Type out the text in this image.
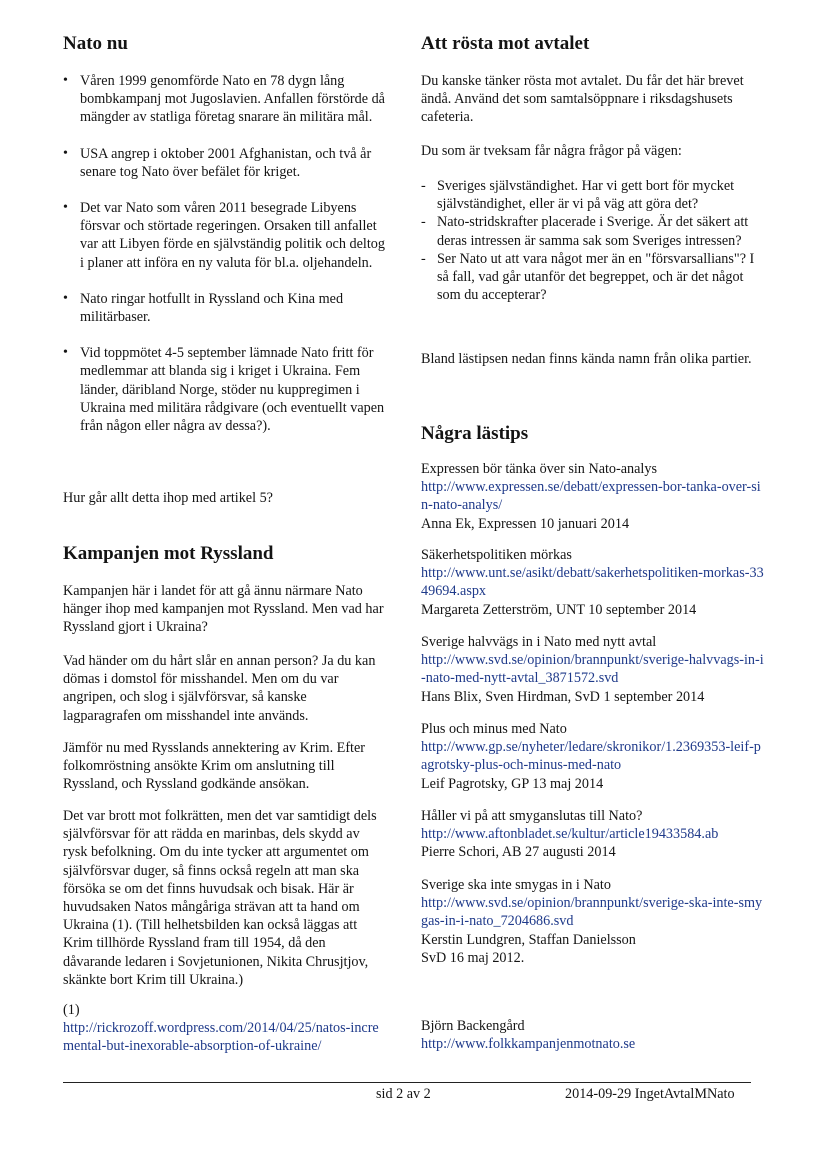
Nato nu
• Våren 1999 genomförde Nato en 78 dygn lång bombkampanj mot Jugoslavien. Anfallen förstörde då mängder av statliga företag snarare än militära mål.
• USA angrep i oktober 2001 Afghanistan, och två år senare tog Nato över befälet för kriget.
• Det var Nato som våren 2011 besegrade Libyens försvar och störtade regeringen. Orsaken till anfallet var att Libyen förde en självständig politik och deltog i planer att införa en ny valuta för bl.a. oljehandeln.
• Nato ringar hotfullt in Ryssland och Kina med militärbaser.
• Vid toppmötet 4-5 september lämnade Nato fritt för medlemmar att blanda sig i kriget i Ukraina. Fem länder, däribland Norge, stöder nu kuppregimen i Ukraina med militära rådgivare (och eventuellt vapen från någon eller några av dessa?).

Hur går allt detta ihop med artikel 5?

Kampanjen mot Ryssland

Kampanjen här i landet för att gå ännu närmare Nato hänger ihop med kampanjen mot Ryssland. Men vad har Ryssland gjort i Ukraina?

Vad händer om du hårt slår en annan person? Ja du kan dömas i domstol för misshandel. Men om du var angripen, och slog i självförsvar, så kanske lagparagrafen om misshandel inte används.

Jämför nu med Rysslands annektering av Krim. Efter folkomröstning ansökte Krim om anslutning till Ryssland, och Ryssland godkände ansökan.

Det var brott mot folkrätten, men det var samtidigt dels självförsvar för att rädda en marinbas, dels skydd av rysk befolkning. Om du inte tycker att argumentet om självförsvar duger, så finns också regeln att man ska försöka se om det finns huvudsak och bisak. Här är huvudsaken Natos mångåriga strävan att ta hand om Ukraina (1). (Till helhetsbilden kan också läggas att Krim tillhörde Ryssland fram till 1954, då den dåvarande ledaren i Sovjetunionen, Nikita Chrusjtjov, skänkte bort Krim till Ukraina.)

(1)

http://rickrozoff.wordpress.com/2014/04/25/natos-incremental-but-inexorable-absorption-of-ukraine/

Att rösta mot avtalet

Du kanske tänker rösta mot avtalet. Du får det här brevet ändå. Använd det som samtalsöppnare i riksdagshusets cafeteria.

Du som är tveksam får några frågor på vägen:

- Sveriges självständighet. Har vi gett bort för mycket självständighet, eller är vi på väg att göra det?
- Nato-stridskrafter placerade i Sverige. Är det säkert att deras intressen är samma sak som Sveriges intressen?
- Ser Nato ut att vara något mer än en "försvarsallians"? I så fall, vad går utanför det begreppet, och är det något som du accepterar?

Bland lästipsen nedan finns kända namn från olika partier.

Några lästips
Expressen bör tänka över sin Nato-analys
http://www.expressen.se/debatt/expressen-bor-tanka-over-sin-nato-analys/
Anna Ek, Expressen 10 januari 2014
Säkerhetspolitiken mörkas
http://www.unt.se/asikt/debatt/sakerhetspolitiken-morkas-3349694.aspx
Margareta Zetterström, UNT 10 september 2014
Sverige halvvägs in i Nato med nytt avtal
http://www.svd.se/opinion/brannpunkt/sverige-halvvags-in-i-nato-med-nytt-avtal_3871572.svd
Hans Blix, Sven Hirdman, SvD 1 september 2014
Plus och minus med Nato
http://www.gp.se/nyheter/ledare/skronikor/1.2369353-leif-pagrotsky-plus-och-minus-med-nato
Leif Pagrotsky, GP 13 maj 2014
Håller vi på att smyganslutas till Nato?
http://www.aftonbladet.se/kultur/article19433584.ab
Pierre Schori, AB 27 augusti 2014
Sverige ska inte smygas in i Nato
http://www.svd.se/opinion/brannpunkt/sverige-ska-inte-smygas-in-i-nato_7204686.svd
Kerstin Lundgren, Staffan Danielsson
SvD 16 maj 2012.

Björn Backengård

http://www.folkkampanjenmotnato.se

sid 2 av 2	2014-09-29 IngetAvtalMNato
